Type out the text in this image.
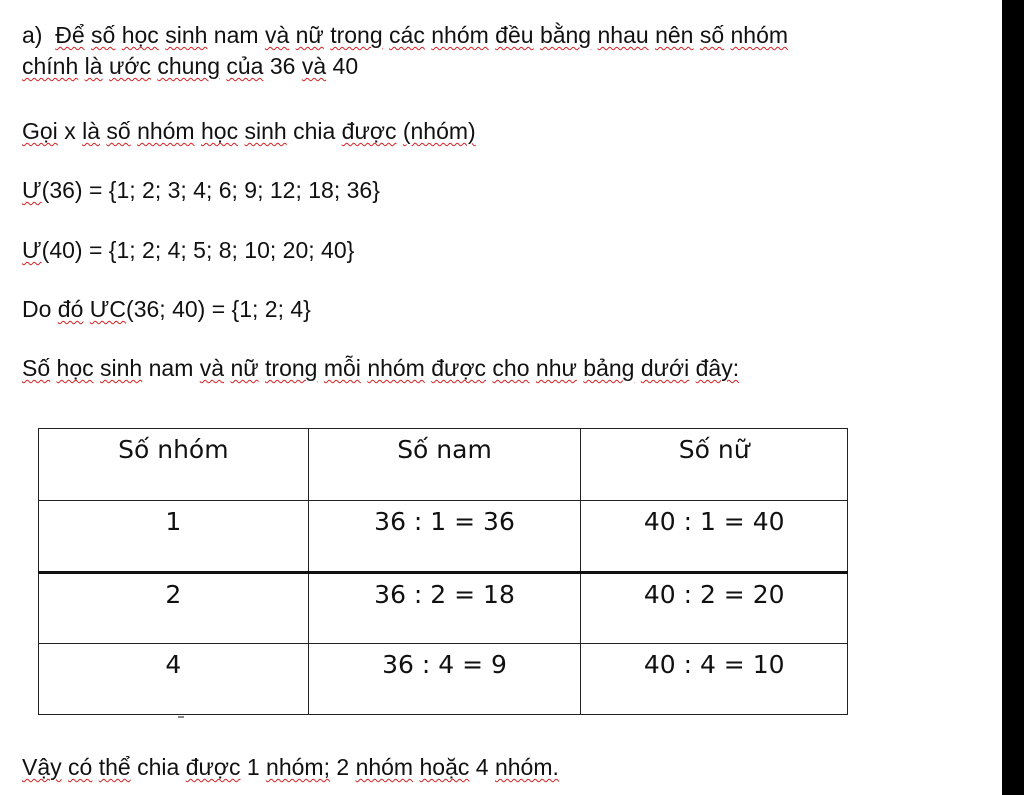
a) Để số học sinh nam và nữ trong các nhóm đều bằng nhau nên số nhóm
chính là ước chung của 36 và 40
Gọi x là số nhóm học sinh chia được (nhóm)
Ư(36) = {1; 2; 3; 4; 6; 9; 12; 18; 36}
Ư(40) = {1; 2; 4; 5; 8; 10; 20; 40}
Do đó ƯC(36; 40) = {1; 2; 4}
Số học sinh nam và nữ trong mỗi nhóm được cho như bảng dưới đây:
Số nhóm	Số nam	Số nữ
1	36 : 1 = 36	40 : 1 = 40
2	36 : 2 = 18	40 : 2 = 20
4	36 : 4 = 9	40 : 4 = 10
Vậy có thể chia được 1 nhóm; 2 nhóm hoặc 4 nhóm.
